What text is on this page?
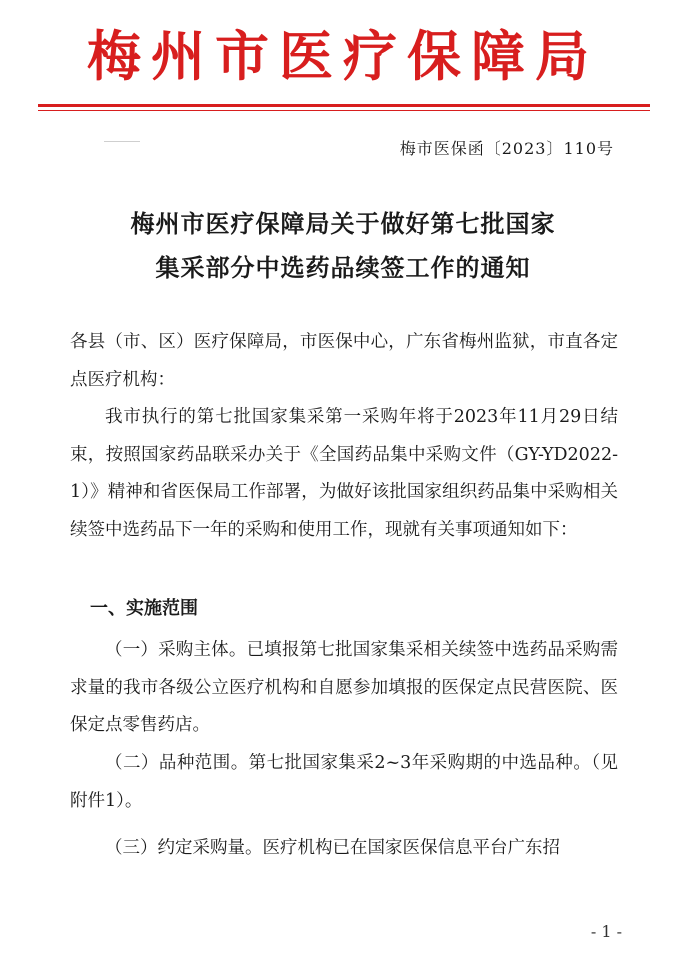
梅州市医疗保障局
梅市医保函〔2023〕110号
梅州市医疗保障局关于做好第七批国家
集采部分中选药品续签工作的通知
各县（市、区）医疗保障局，市医保中心，广东省梅州监狱，市直各定点医疗机构：
我市执行的第七批国家集采第一采购年将于2023年11月29日结束，按照国家药品联采办关于《全国药品集中采购文件（GY-YD2022-1）》精神和省医保局工作部署，为做好该批国家组织药品集中采购相关续签中选药品下一年的采购和使用工作，现就有关事项通知如下：
一、实施范围
（一）采购主体。已填报第七批国家集采相关续签中选药品采购需求量的我市各级公立医疗机构和自愿参加填报的医保定点民营医院、医保定点零售药店。
（二）品种范围。第七批国家集采2~3年采购期的中选品种。（见附件1）。
（三）约定采购量。医疗机构已在国家医保信息平台广东招
- 1 -
